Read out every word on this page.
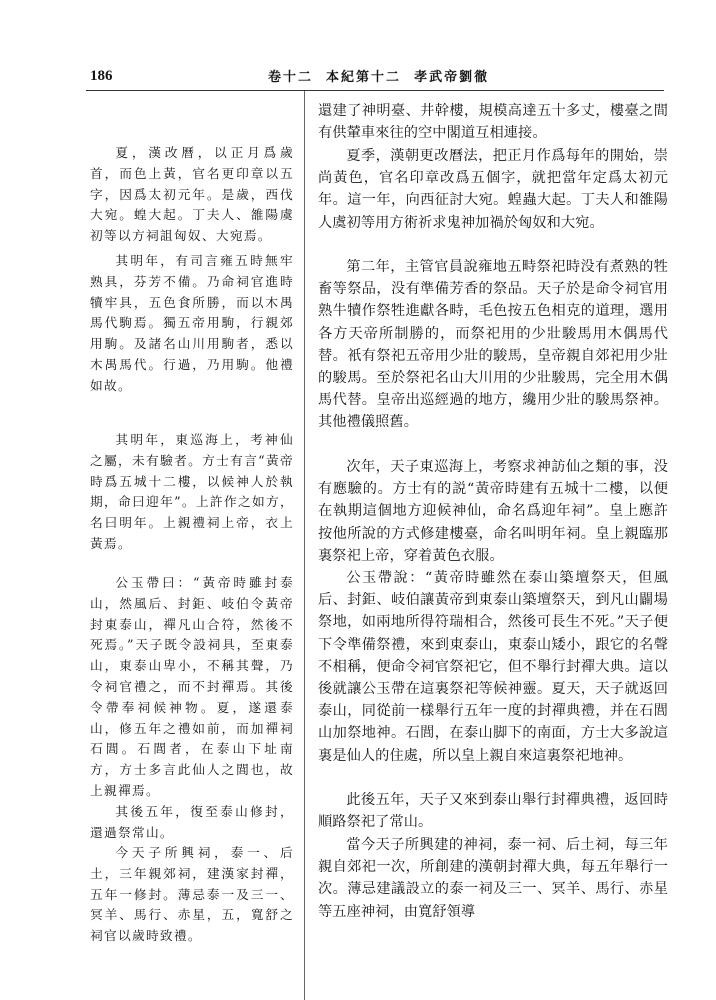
186	卷十二  本紀第十二  孝武帝劉徹
夏，漢改曆，以正月爲歲首，而色上黃，官名更印章以五字，因爲太初元年。是歲，西伐大宛。蝗大起。丁夫人、雒陽虞初等以方祠詛匈奴、大宛焉。
其明年，有司言雍五時無牢熟具，芬芳不備。乃命祠官進時犢牢具，五色食所勝，而以木禺馬代駒焉。獨五帝用駒，行親郊用駒。及諸名山川用駒者，悉以木禺馬代。行過，乃用駒。他禮如故。
其明年，東巡海上，考神仙之屬，未有驗者。方士有言“黃帝時爲五城十二樓，以候神人於執期，命曰迎年”。上許作之如方，名曰明年。上親禮祠上帝，衣上黃焉。
公玉帶曰：“黃帝時雖封泰山，然風后、封鉅、岐伯令黃帝封東泰山，禪凡山合符，然後不死焉。”天子既令設祠具，至東泰山，東泰山卑小，不稱其聲，乃令祠官禮之，而不封禪焉。其後令帶奉祠候神物。夏，遂還泰山，修五年之禮如前，而加禪祠石閭。石閭者，在泰山下址南方，方士多言此仙人之閭也，故上親禪焉。
其後五年，復至泰山修封，還過祭常山。
今天子所興祠，泰一、后土，三年親郊祠，建漢家封禪，五年一修封。薄忌泰一及三一、冥羊、馬行、赤星，五，寬舒之祠官以歲時致禮。
還建了神明臺、井幹樓，規模高達五十多丈，樓臺之間有供輦車來往的空中閣道互相連接。
夏季，漢朝更改曆法，把正月作爲每年的開始，崇尚黃色，官名印章改爲五個字，就把當年定爲太初元年。這一年，向西征討大宛。蝗蟲大起。丁夫人和雒陽人虞初等用方術祈求鬼神加禍於匈奴和大宛。
第二年，主管官員說雍地五畤祭祀時没有煮熟的牲畜等祭品，没有準備芳香的祭品。天子於是命令祠官用熟牛犢作祭牲進獻各畤，毛色按五色相克的道理，選用各方天帝所制勝的，而祭祀用的少壯駿馬用木偶馬代替。衹有祭祀五帝用少壯的駿馬，皇帝親自郊祀用少壯的駿馬。至於祭祀名山大川用的少壯駿馬，完全用木偶馬代替。皇帝出巡經過的地方，纔用少壯的駿馬祭神。其他禮儀照舊。
次年，天子東巡海上，考察求神訪仙之類的事，没有應驗的。方士有的説“黃帝時建有五城十二樓，以便在執期這個地方迎候神仙，命名爲迎年祠”。皇上應許按他所說的方式修建樓臺，命名叫明年祠。皇上親臨那裏祭祀上帝，穿着黃色衣服。
公玉帶說：“黃帝時雖然在泰山築壇祭天，但風后、封鉅、岐伯讓黃帝到東泰山築壇祭天，到凡山闢場祭地，如兩地所得符瑞相合，然後可長生不死。”天子便下令準備祭禮，來到東泰山，東泰山矮小，跟它的名聲不相稱，便命令祠官祭祀它，但不舉行封禪大典。這以後就讓公玉帶在這裏祭祀等候神靈。夏天，天子就返回泰山，同從前一樣舉行五年一度的封禪典禮，并在石閭山加祭地神。石閭，在泰山脚下的南面，方士大多說這裏是仙人的住處，所以皇上親自來這裏祭祀地神。
此後五年，天子又來到泰山舉行封禪典禮，返回時順路祭祀了常山。
當今天子所興建的神祠，泰一祠、后土祠，每三年親自郊祀一次，所創建的漢朝封禪大典，每五年舉行一次。薄忌建議設立的泰一祠及三一、冥羊、馬行、赤星等五座神祠，由寬舒領導
